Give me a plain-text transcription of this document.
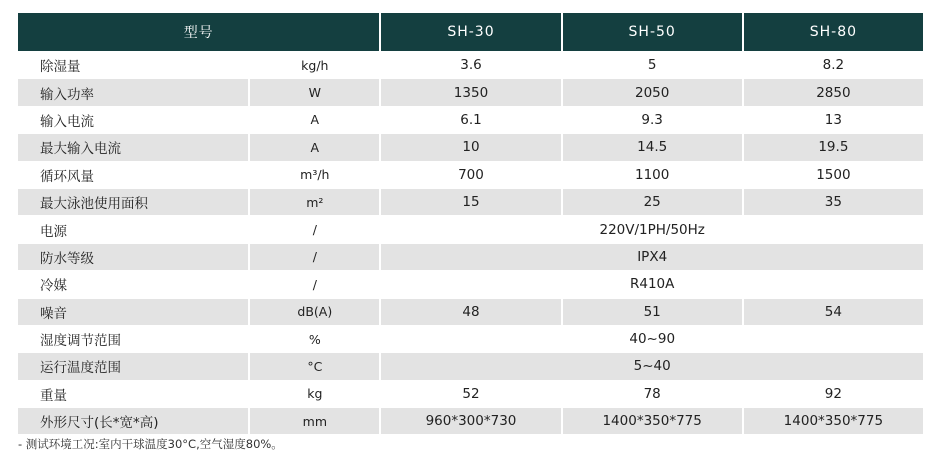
型号		SH-30	SH-50	SH-80
除湿量	kg/h	3.6	5	8.2
输入功率	W	1350	2050	2850
输入电流	A	6.1	9.3	13
最大输入电流	A	10	14.5	19.5
循环风量	m³/h	700	1100	1500
最大泳池使用面积	m²	15	25	35
电源	/	220V/1PH/50Hz		
防水等级	/	IPX4		
冷媒	/	R410A		
噪音	dB(A)	48	51	54
湿度调节范围	%	40~90		
运行温度范围	°C	5~40		
重量	kg	52	78	92
外形尺寸(长*宽*高)	mm	960*300*730	1400*350*775	1400*350*775
- 测试环境工况:室内干球温度30°C,空气湿度80%。
